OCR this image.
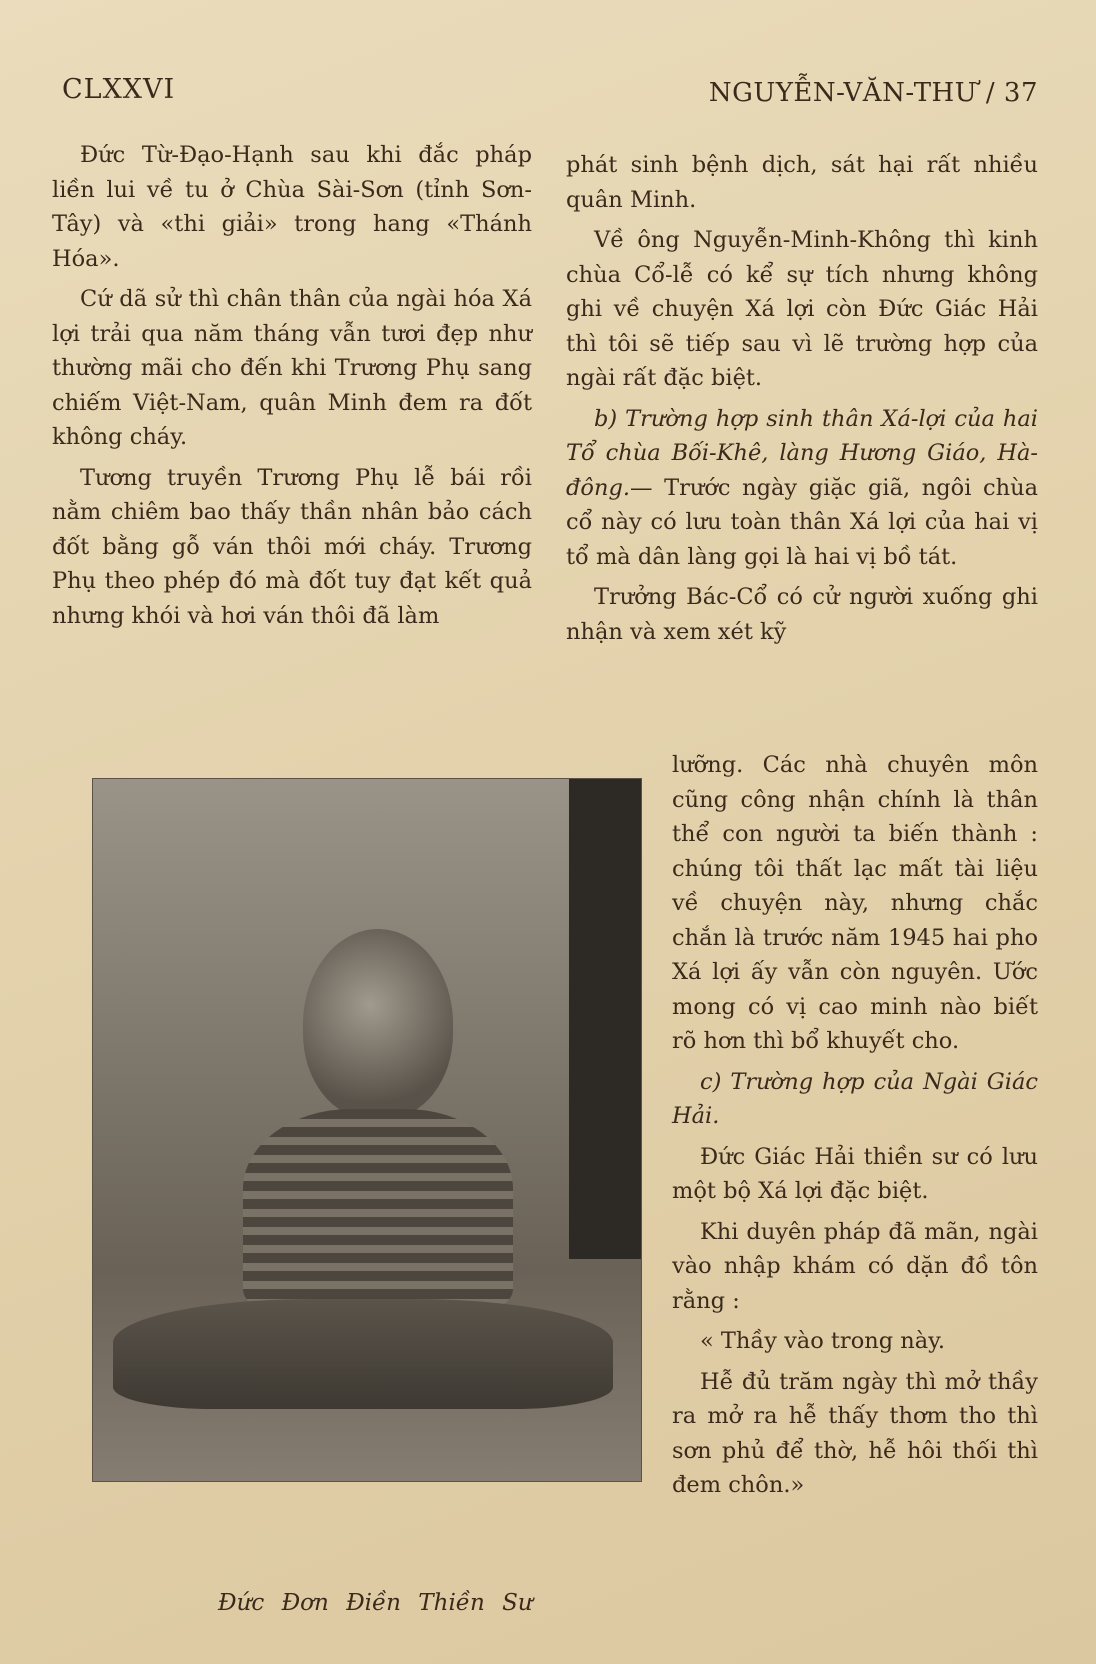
CLXXVI	NGUYỄN-VĂN-THƯ / 37

Đức Từ-Đạo-Hạnh sau khi đắc pháp liền lui về tu ở Chùa Sài-Sơn (tỉnh Sơn-Tây) và «thi giải» trong hang «Thánh Hóa».

Cứ dã sử thì chân thân của ngài hóa Xá lợi trải qua năm tháng vẫn tươi đẹp như thường mãi cho đến khi Trương Phụ sang chiếm Việt-Nam, quân Minh đem ra đốt không cháy.

Tương truyền Trương Phụ lễ bái rồi nằm chiêm bao thấy thần nhân bảo cách đốt bằng gỗ ván thôi mới cháy. Trương Phụ theo phép đó mà đốt tuy đạt kết quả nhưng khói và hơi ván thôi đã làm

phát sinh bệnh dịch, sát hại rất nhiều quân Minh.

Về ông Nguyễn-Minh-Không thì kinh chùa Cổ-lễ có kể sự tích nhưng không ghi về chuyện Xá lợi còn Đức Giác Hải thì tôi sẽ tiếp sau vì lẽ trường hợp của ngài rất đặc biệt.

b) Trường hợp sinh thân Xá-lợi của hai Tổ chùa Bối-Khê, làng Hương Giáo, Hà-đông.— Trước ngày giặc giã, ngôi chùa cổ này có lưu toàn thân Xá lợi của hai vị tổ mà dân làng gọi là hai vị bồ tát.

Trưởng Bác-Cổ có cử người xuống ghi nhận và xem xét kỹ

lưỡng. Các nhà chuyên môn cũng công nhận chính là thân thể con người ta biến thành : chúng tôi thất lạc mất tài liệu về chuyện này, nhưng chắc chắn là trước năm 1945 hai pho Xá lợi ấy vẫn còn nguyên. Ước mong có vị cao minh nào biết rõ hơn thì bổ khuyết cho.

c) Trường hợp của Ngài Giác Hải.

Đức Giác Hải thiền sư có lưu một bộ Xá lợi đặc biệt.

Khi duyên pháp đã mãn, ngài vào nhập khám có dặn đồ tôn rằng :

« Thầy vào trong này.

Hễ đủ trăm ngày thì mở thầy ra mở ra hễ thấy thơm tho thì sơn phủ để thờ, hễ hôi thối thì đem chôn.»

Đức Đơn Điền Thiền Sư
